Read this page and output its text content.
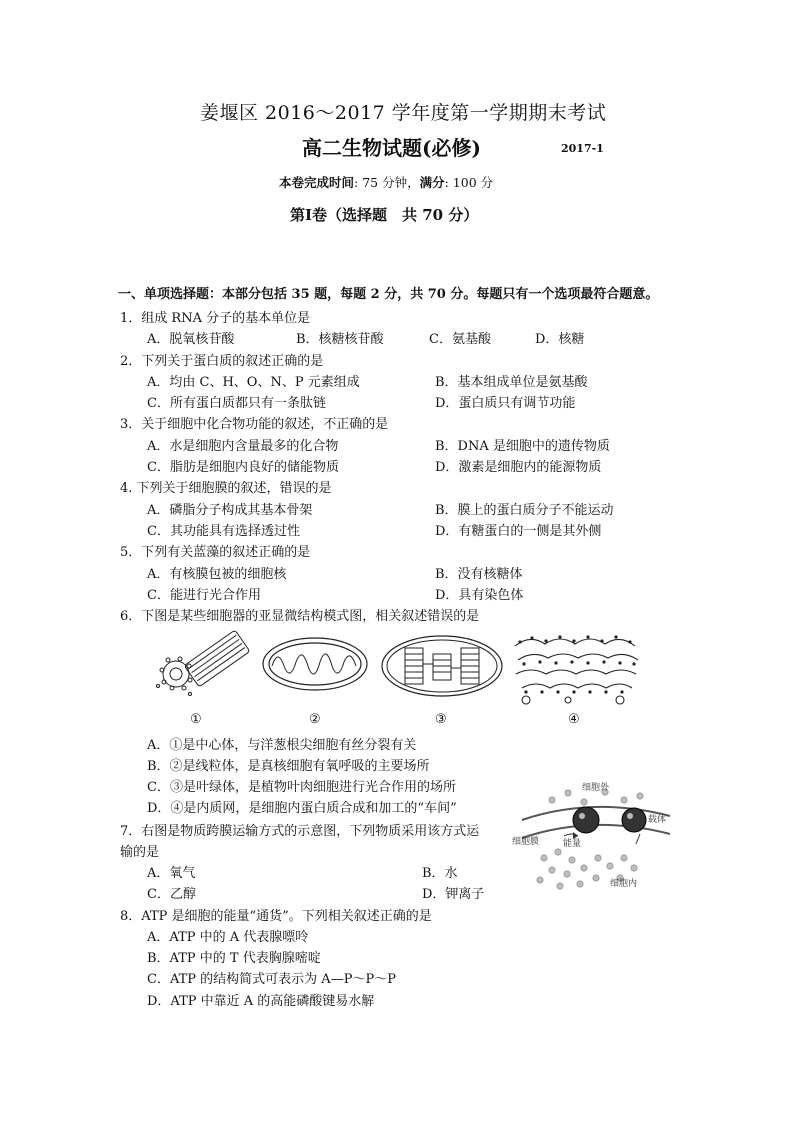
姜堰区 2016～2017 学年度第一学期期末考试
高二生物试题(必修)	2017-1
本卷完成时间: 75 分钟，满分: 100 分
第Ⅰ卷（选择题　共 70 分）
一、单项选择题：本部分包括 35 题，每题 2 分，共 70 分。每题只有一个选项最符合题意。
1．组成 RNA 分子的基本单位是
A．脱氧核苷酸	B．核糖核苷酸	C．氨基酸	D．核糖
2．下列关于蛋白质的叙述正确的是
A．均由 C、H、O、N、P 元素组成	B．基本组成单位是氨基酸
C．所有蛋白质都只有一条肽链	D．蛋白质只有调节功能
3．关于细胞中化合物功能的叙述，不正确的是
A．水是细胞内含量最多的化合物	B．DNA 是细胞中的遗传物质
C．脂肪是细胞内良好的储能物质	D．激素是细胞内的能源物质
4. 下列关于细胞膜的叙述，错误的是
A．磷脂分子构成其基本骨架	B．膜上的蛋白质分子不能运动
C．其功能具有选择透过性	D．有糖蛋白的一侧是其外侧
5．下列有关蓝藻的叙述正确的是
A．有核膜包被的细胞核	B．没有核糖体
C．能进行光合作用	D．具有染色体
6．下图是某些细胞器的亚显微结构模式图，相关叙述错误的是
①	②	③	④
A．①是中心体，与洋葱根尖细胞有丝分裂有关
B．②是线粒体，是真核细胞有氧呼吸的主要场所
C．③是叶绿体，是植物叶肉细胞进行光合作用的场所
D．④是内质网，是细胞内蛋白质合成和加工的“车间”
细胞外
细胞膜	能量
载体
细胞内
7．右图是物质跨膜运输方式的示意图，下列物质采用该方式运
输的是
A．氧气	B．水
C．乙醇	D．钾离子
8．ATP 是细胞的能量“通货”。下列相关叙述正确的是
A．ATP 中的 A 代表腺嘌呤
B．ATP 中的 T 代表胸腺嘧啶
C．ATP 的结构简式可表示为 A—P～P～P
D．ATP 中靠近 A 的高能磷酸键易水解
